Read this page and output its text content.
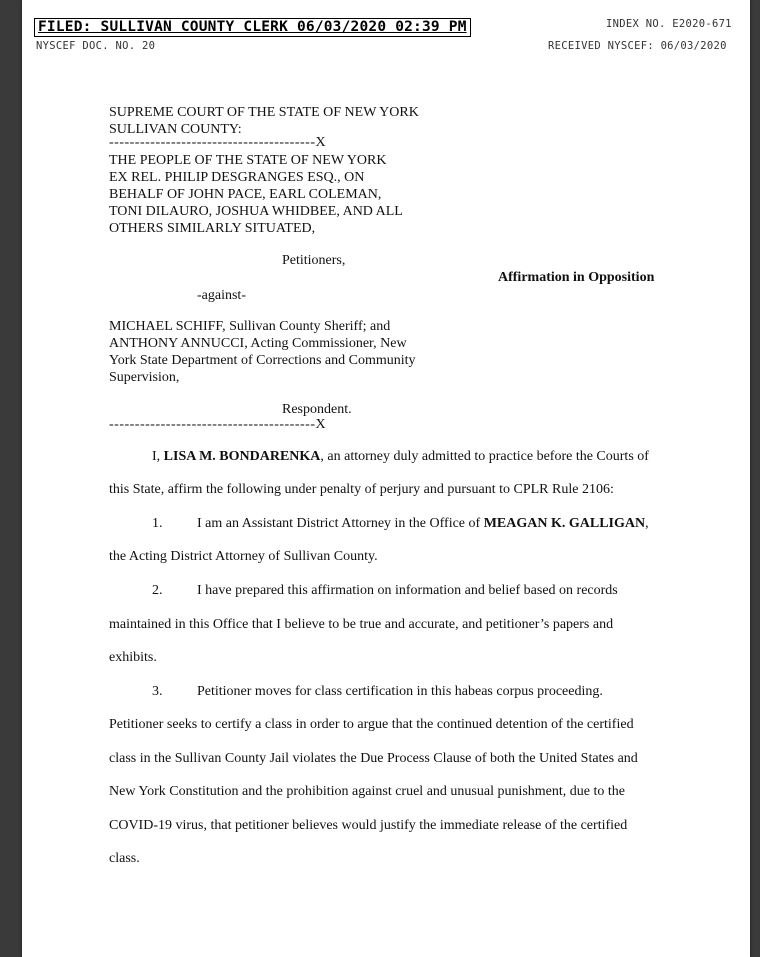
FILED: SULLIVAN COUNTY CLERK 06/03/2020 02:39 PM	INDEX NO. E2020-671
NYSCEF DOC. NO. 20	RECEIVED NYSCEF: 06/03/2020
SUPREME COURT OF THE STATE OF NEW YORK
SULLIVAN COUNTY:
----------------------------------------X
THE PEOPLE OF THE STATE OF NEW YORK
EX REL. PHILIP DESGRANGES ESQ., ON
BEHALF OF JOHN PACE, EARL COLEMAN,
TONI DILAURO, JOSHUA WHIDBEE, AND ALL
OTHERS SIMILARLY SITUATED,
Petitioners,
Affirmation in Opposition
-against-
MICHAEL SCHIFF, Sullivan County Sheriff; and
ANTHONY ANNUCCI, Acting Commissioner, New
York State Department of Corrections and Community
Supervision,
Respondent.
----------------------------------------X
I, LISA M. BONDARENKA, an attorney duly admitted to practice before the Courts of
this State, affirm the following under penalty of perjury and pursuant to CPLR Rule 2106:
1. I am an Assistant District Attorney in the Office of MEAGAN K. GALLIGAN,
the Acting District Attorney of Sullivan County.
2. I have prepared this affirmation on information and belief based on records
maintained in this Office that I believe to be true and accurate, and petitioner’s papers and
exhibits.
3. Petitioner moves for class certification in this habeas corpus proceeding.
Petitioner seeks to certify a class in order to argue that the continued detention of the certified
class in the Sullivan County Jail violates the Due Process Clause of both the United States and
New York Constitution and the prohibition against cruel and unusual punishment, due to the
COVID-19 virus, that petitioner believes would justify the immediate release of the certified
class.
